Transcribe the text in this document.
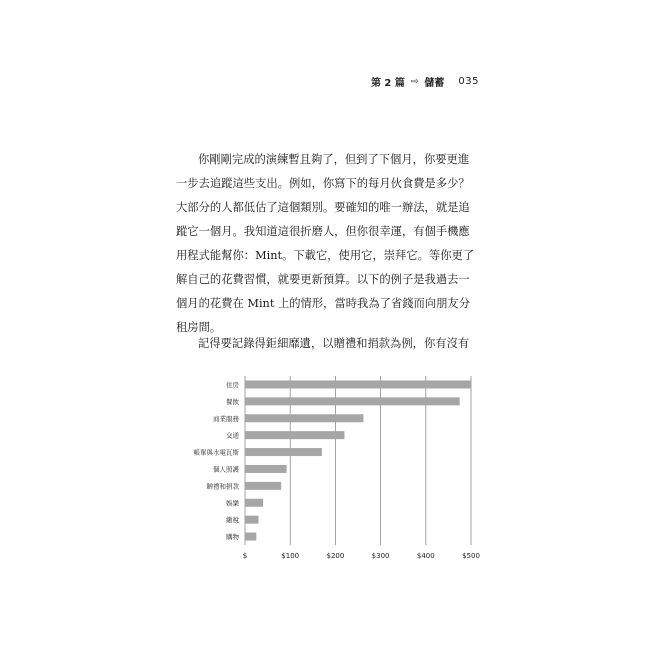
第 2 篇 ⇨ 儲蓄 035

你剛剛完成的演練暫且夠了，但到了下個月，你要更進

一步去追蹤這些支出。例如，你寫下的每月伙食費是多少？

大部分的人都低估了這個類別。要確知的唯一辦法，就是追

蹤它一個月。我知道這很折磨人，但你很幸運，有個手機應

用程式能幫你：Mint。下載它，使用它，崇拜它。等你更了

解自己的花費習慣，就要更新預算。以下的例子是我過去一

個月的花費在 Mint 上的情形，當時我為了省錢而向朋友分

租房間。

記得要記錄得鉅細靡遺，以贈禮和捐款為例，你有沒有

$	$100	$200	$300	$400	$500
住房
餐飲
商業服務
交通
帳單與水電瓦斯
個人照護
贈禮和捐款
娛樂
繳稅
購物
